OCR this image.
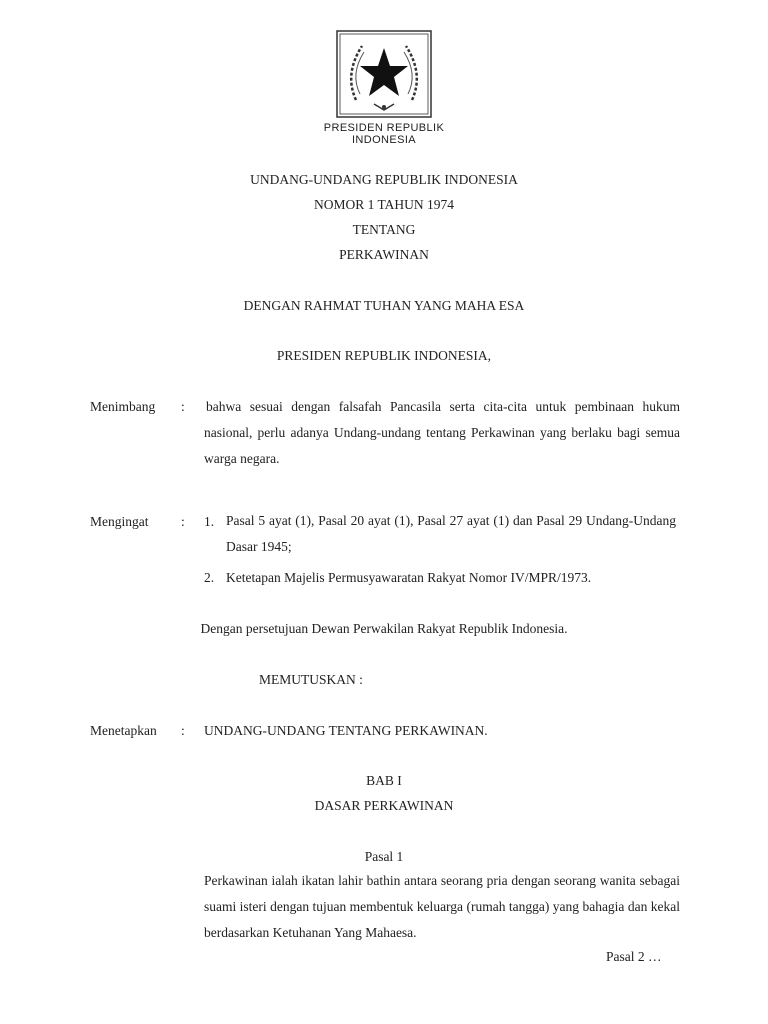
PRESIDEN REPUBLIK
INDONESIA
UNDANG-UNDANG REPUBLIK INDONESIA
NOMOR 1 TAHUN 1974
TENTANG
PERKAWINAN
DENGAN RAHMAT TUHAN YANG MAHA ESA
PRESIDEN REPUBLIK INDONESIA,
Menimbang : bahwa sesuai dengan falsafah Pancasila serta cita-cita untuk pembinaan hukum nasional, perlu adanya Undang-undang tentang Perkawinan yang berlaku bagi semua warga negara.
Mengingat : 1. Pasal 5 ayat (1), Pasal 20 ayat (1), Pasal 27 ayat (1) dan Pasal 29 Undang-Undang Dasar 1945;
2. Ketetapan Majelis Permusyawaratan Rakyat Nomor IV/MPR/1973.
Dengan persetujuan Dewan Perwakilan Rakyat Republik Indonesia.
MEMUTUSKAN :
Menetapkan : UNDANG-UNDANG TENTANG PERKAWINAN.
BAB I
DASAR PERKAWINAN
Pasal 1
Perkawinan ialah ikatan lahir bathin antara seorang pria dengan seorang wanita sebagai suami isteri dengan tujuan membentuk keluarga (rumah tangga) yang bahagia dan kekal berdasarkan Ketuhanan Yang Mahaesa.
Pasal 2 …
